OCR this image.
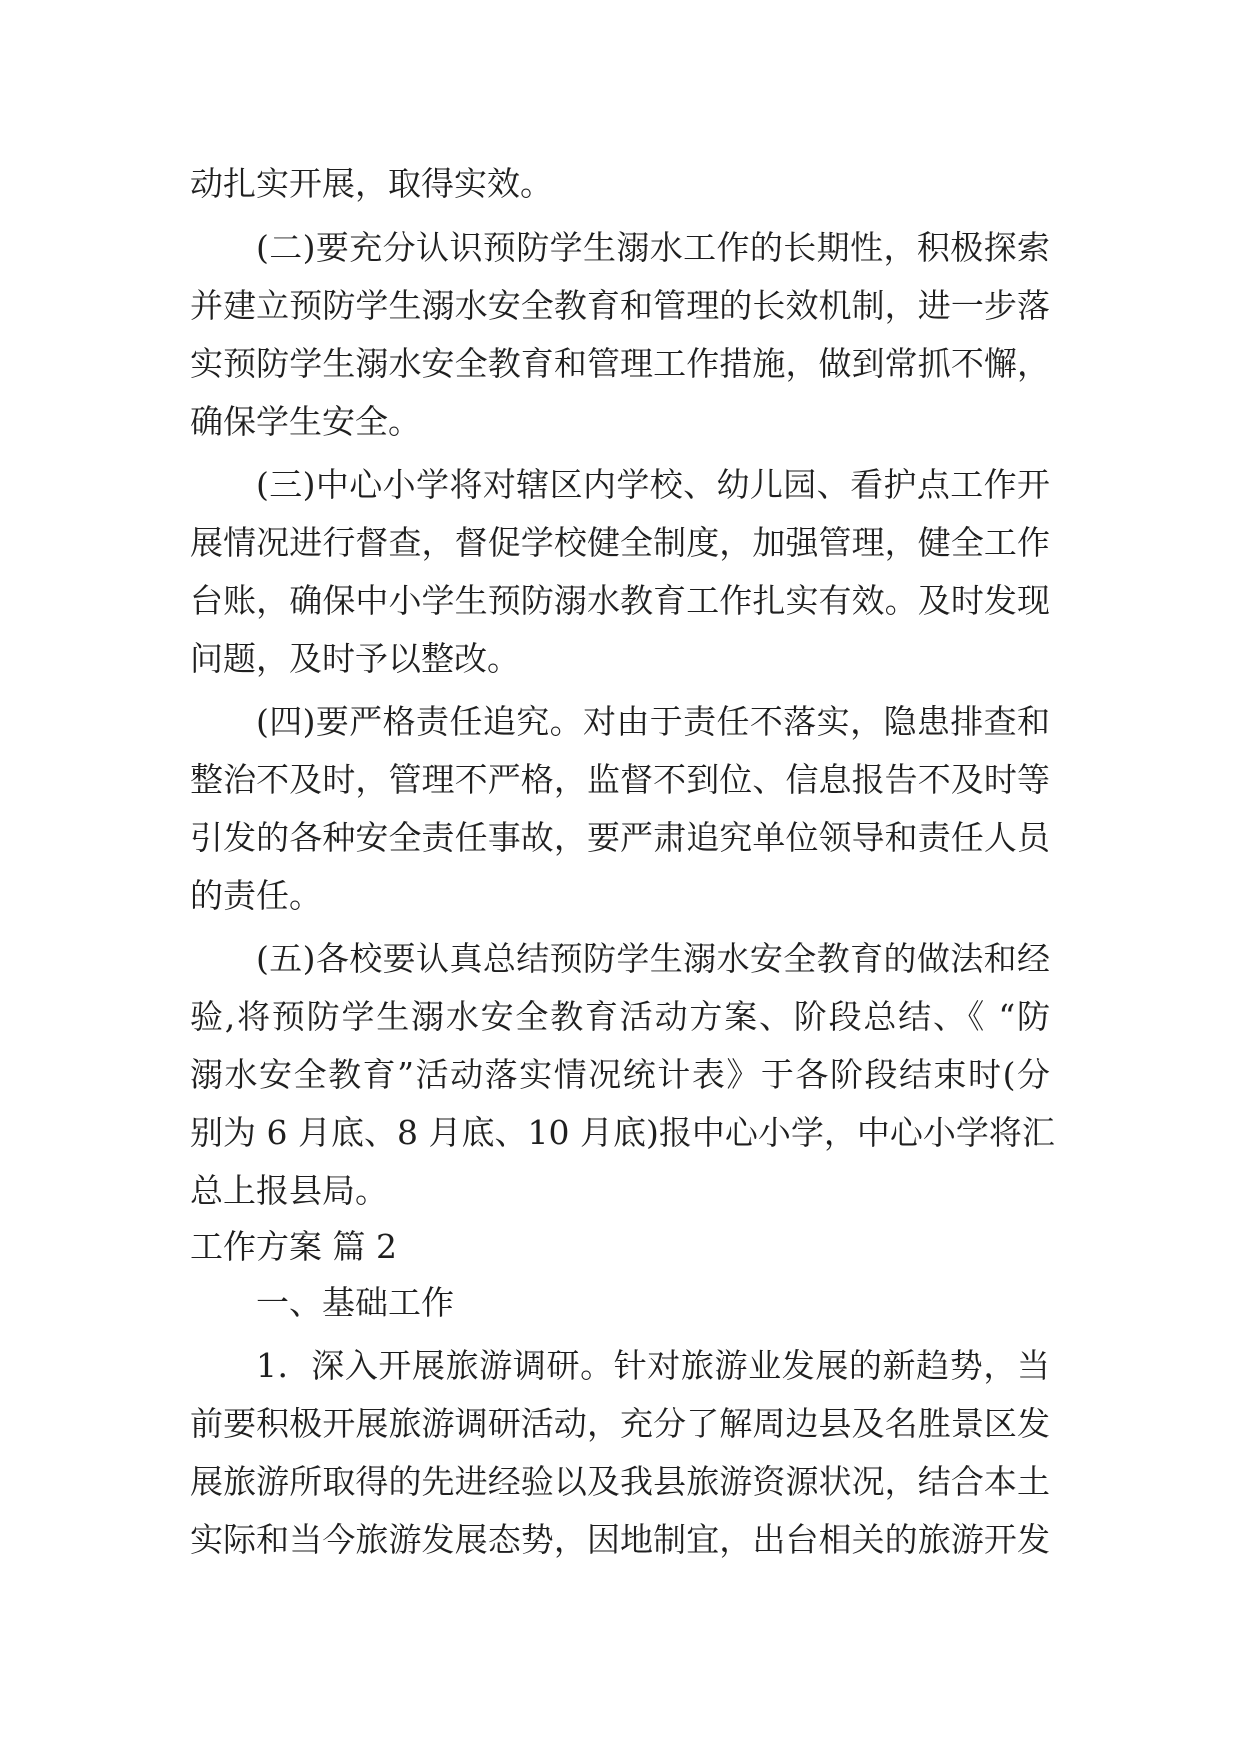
动扎实开展，取得实效。
(二)要充分认识预防学生溺水工作的长期性，积极探索
并建立预防学生溺水安全教育和管理的长效机制，进一步落
实预防学生溺水安全教育和管理工作措施，做到常抓不懈，
确保学生安全。
(三)中心小学将对辖区内学校、幼儿园、看护点工作开
展情况进行督查，督促学校健全制度，加强管理，健全工作
台账，确保中小学生预防溺水教育工作扎实有效。及时发现
问题，及时予以整改。
(四)要严格责任追究。对由于责任不落实，隐患排查和
整治不及时，管理不严格，监督不到位、信息报告不及时等
引发的各种安全责任事故，要严肃追究单位领导和责任人员
的责任。
(五)各校要认真总结预防学生溺水安全教育的做法和经
验,将预防学生溺水安全教育活动方案、阶段总结、《 “防
溺水安全教育”活动落实情况统计表》于各阶段结束时(分
别为 6 月底、8 月底、10 月底)报中心小学，中心小学将汇
总上报县局。
工作方案 篇 2
一、基础工作
1．深入开展旅游调研。针对旅游业发展的新趋势，当
前要积极开展旅游调研活动，充分了解周边县及名胜景区发
展旅游所取得的先进经验以及我县旅游资源状况，结合本土
实际和当今旅游发展态势，因地制宜，出台相关的旅游开发
